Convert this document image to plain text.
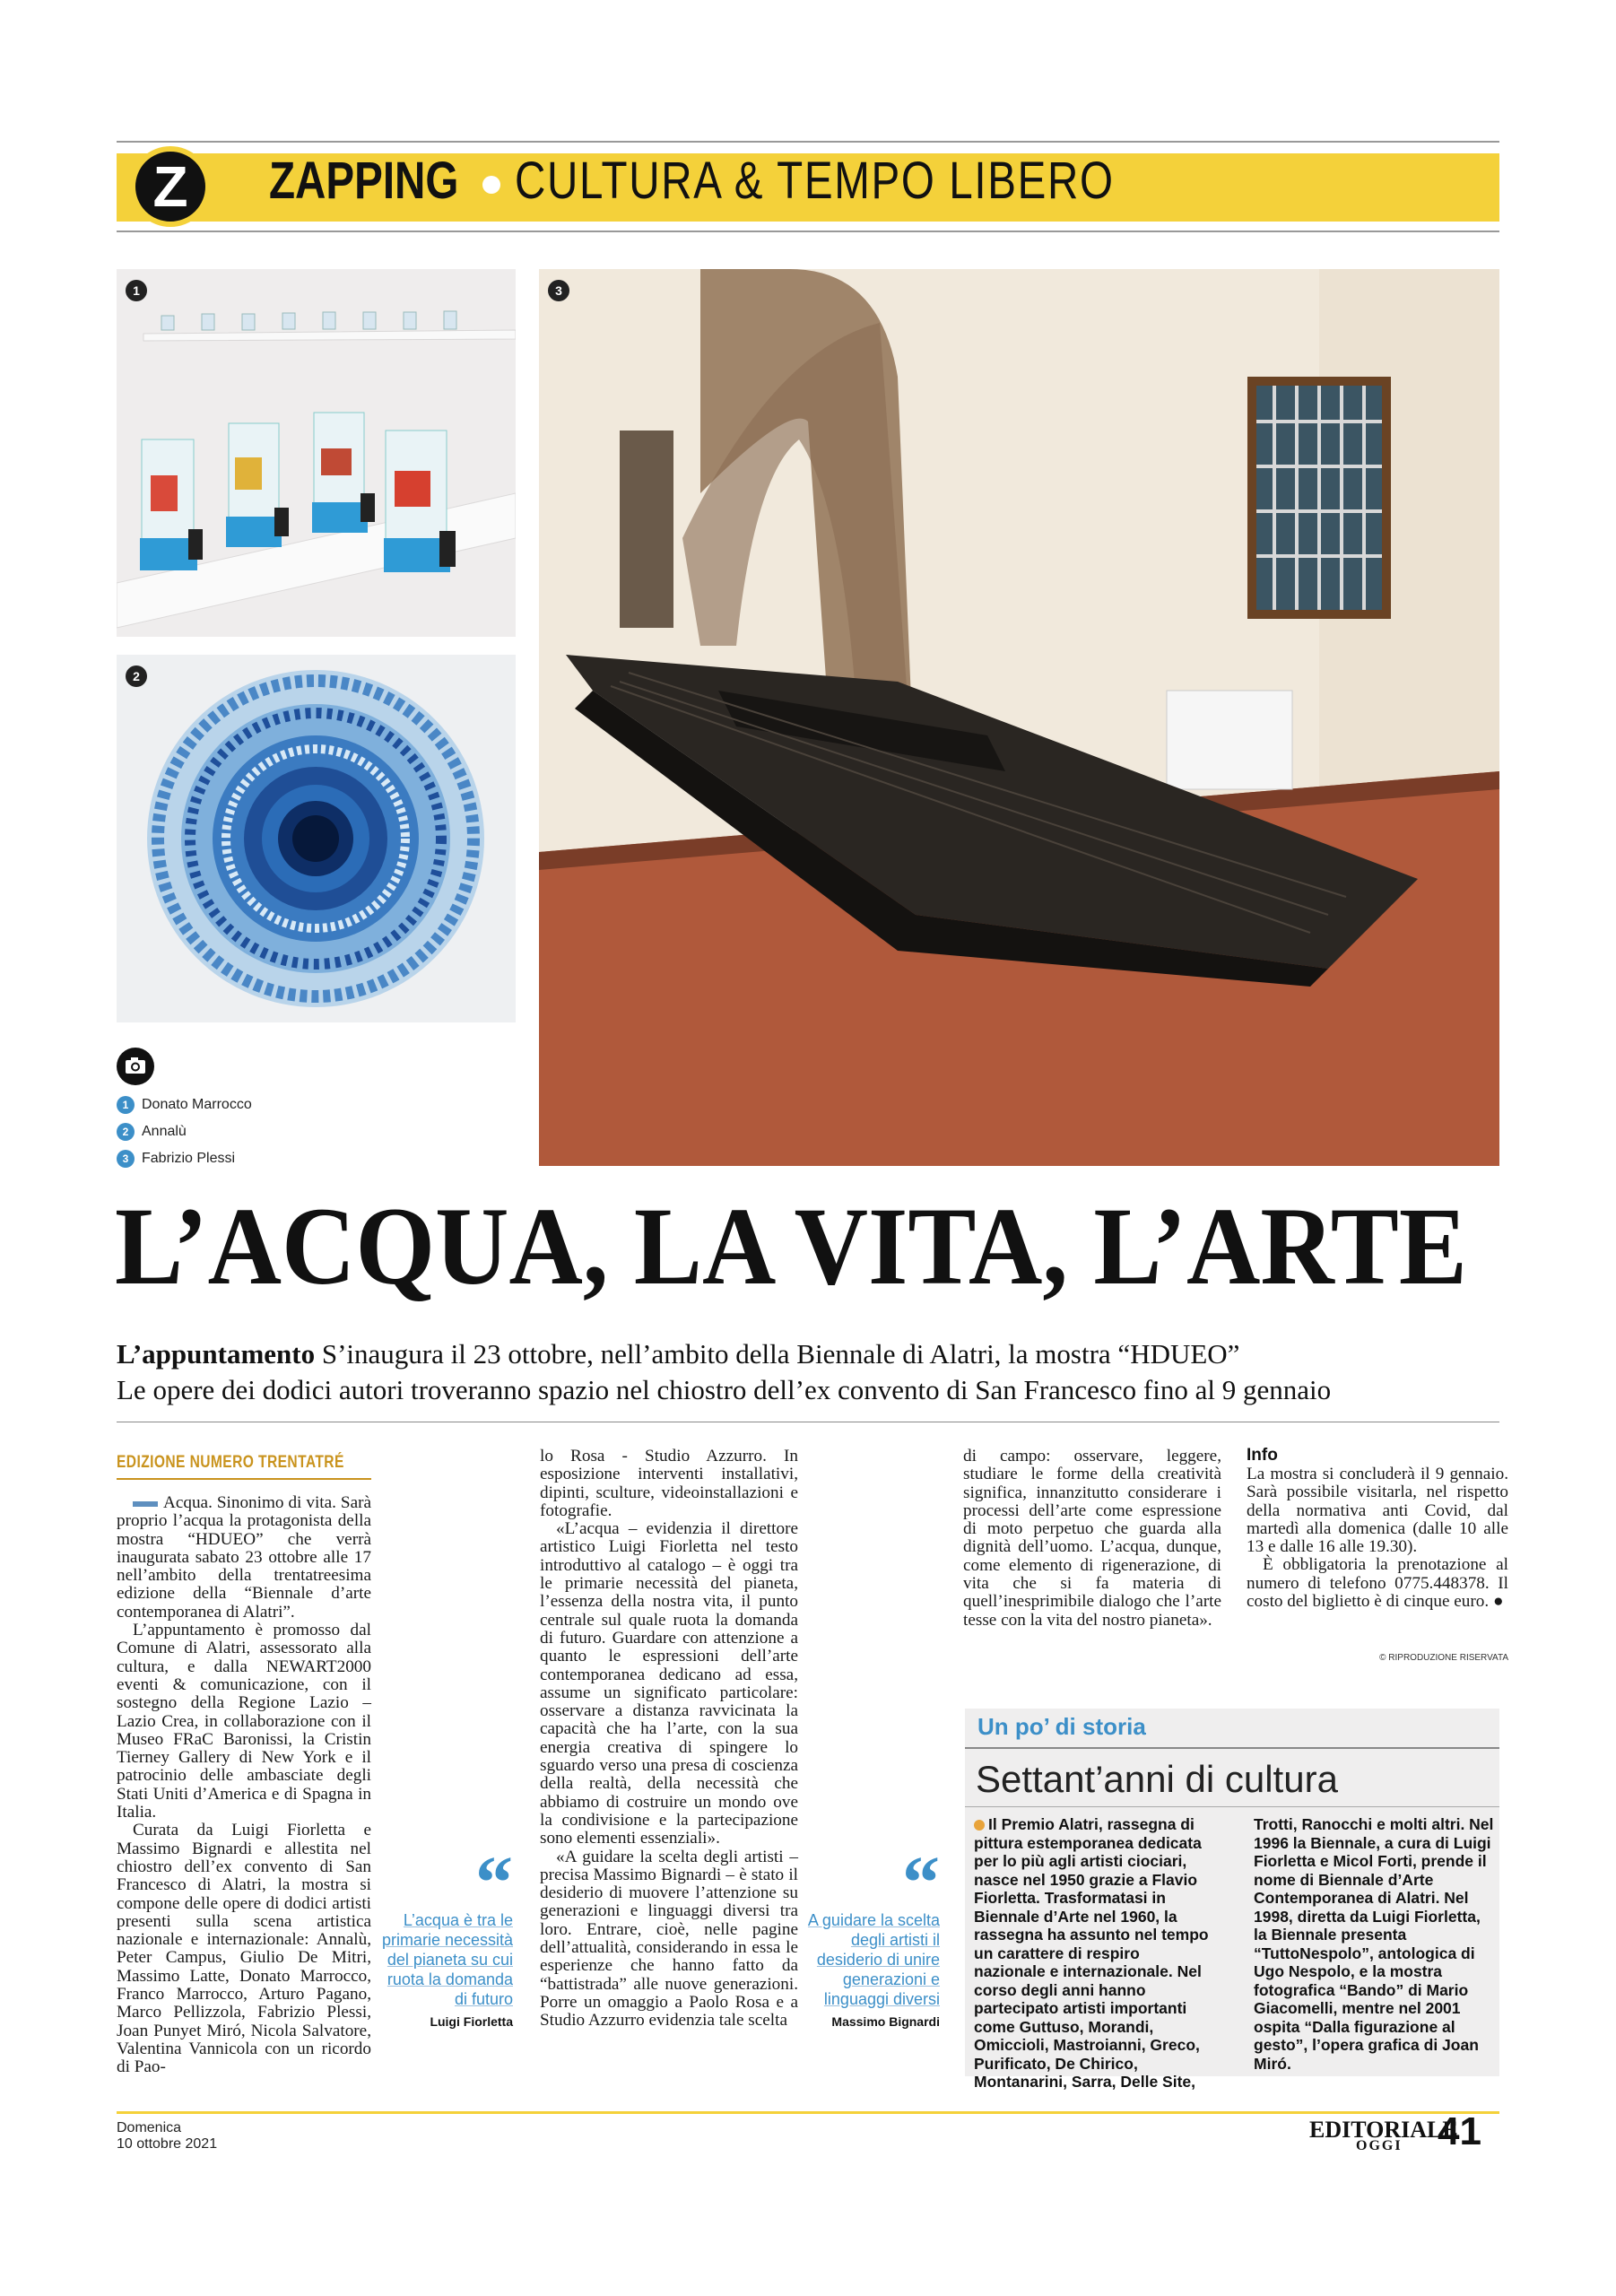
Z	ZAPPING CULTURA & TEMPO LIBERO
1
2
3
1 Donato Marrocco
2 Annalù
3 Fabrizio Plessi
L’ACQUA, LA VITA, L’ARTE
L’appuntamento S’inaugura il 23 ottobre, nell’ambito della Biennale di Alatri, la mostra “HDUEO”
Le opere dei dodici autori troveranno spazio nel chiostro dell’ex convento di San Francesco fino al 9 gennaio
EDIZIONE NUMERO TRENTATRÉ

Acqua. Sinonimo di vita. Sarà proprio l’acqua la protagonista della mostra “HDUEO” che verrà inaugurata sabato 23 ottobre alle 17 nell’ambito della trentatreesima edizione della “Biennale d’arte contemporanea di Alatri”.

L’appuntamento è promosso dal Comune di Alatri, assessorato alla cultura, e dalla NEWART2000 eventi & comunicazione, con il sostegno della Regione Lazio – Lazio Crea, in collaborazione con il Museo FRaC Baronissi, la Cristin Tierney Gallery di New York e il patrocinio delle ambasciate degli Stati Uniti d’America e di Spagna in Italia.

Curata da Luigi Fiorletta e Massimo Bignardi e allestita nel chiostro dell’ex convento di San Francesco di Alatri, la mostra si compone delle opere di dodici artisti presenti sulla scena artistica nazionale e internazionale: Annalù, Peter Campus, Giulio De Mitri, Massimo Latte, Donato Marrocco, Franco Marrocco, Arturo Pagano, Marco Pellizzola, Fabrizio Plessi, Joan Punyet Miró, Nicola Salvatore, Valentina Vannicola con un ricordo di Pao-

“
L’acqua è tra le primarie necessità del pianeta su cui ruota la domanda di futuro
Luigi Fiorletta

lo Rosa - Studio Azzurro. In esposizione interventi installativi, dipinti, sculture, videoinstallazioni e fotografie.

«L’acqua – evidenzia il direttore artistico Luigi Fiorletta nel testo introduttivo al catalogo – è oggi tra le primarie necessità del pianeta, l’essenza della nostra vita, il punto centrale sul quale ruota la domanda di futuro. Guardare con attenzione a quanto le espressioni dell’arte contemporanea dedicano ad essa, assume un significato particolare: osservare a distanza ravvicinata la capacità che ha l’arte, con la sua energia creativa di spingere lo sguardo verso una presa di coscienza della realtà, della necessità che abbiamo di costruire un mondo ove la condivisione e la partecipazione sono elementi essenziali».

«A guidare la scelta degli artisti – precisa Massimo Bignardi – è stato il desiderio di muovere l’attenzione su generazioni e linguaggi diversi tra loro. Entrare, cioè, nelle pagine dell’attualità, considerando in essa le esperienze che hanno fatto da “battistrada” alle nuove generazioni. Porre un omaggio a Paolo Rosa e a Studio Azzurro evidenzia tale scelta

“
A guidare la scelta degli artisti il desiderio di unire generazioni e linguaggi diversi
Massimo Bignardi

di campo: osservare, leggere, studiare le forme della creatività significa, innanzitutto considerare i processi dell’arte come espressione di moto perpetuo che guarda alla dignità dell’uomo. L’acqua, dunque, come elemento di rigenerazione, di vita che si fa materia di quell’inesprimibile dialogo che l’arte tesse con la vita del nostro pianeta».

Info

La mostra si concluderà il 9 gennaio. Sarà possibile visitarla, nel rispetto della normativa anti Covid, dal martedì alla domenica (dalle 10 alle 13 e dalle 16 alle 19.30).

È obbligatoria la prenotazione al numero di telefono 0775.448378. Il costo del biglietto è di cinque euro. ●

© RIPRODUZIONE RISERVATA
Un po’ di storia
Settant’anni di cultura
Il Premio Alatri, rassegna di pittura estemporanea dedicata per lo più agli artisti ciociari, nasce nel 1950 grazie a Flavio Fiorletta. Trasformatasi in Biennale d’Arte nel 1960, la rassegna ha assunto nel tempo un carattere di respiro nazionale e internazionale. Nel corso degli anni hanno partecipato artisti importanti come Guttuso, Morandi, Omiccioli, Mastroianni, Greco, Purificato, De Chirico, Montanarini, Sarra, Delle Site,
Trotti, Ranocchi e molti altri. Nel 1996 la Biennale, a cura di Luigi Fiorletta e Micol Forti, prende il nome di Biennale d’Arte Contemporanea di Alatri. Nel 1998, diretta da Luigi Fiorletta, la Biennale presenta “TuttoNespolo”, antologica di Ugo Nespolo, e la mostra fotografica “Bando” di Mario Giacomelli, mentre nel 2001 ospita “Dalla figurazione al gesto”, l’opera grafica di Joan Miró.
Domenica
10 ottobre 2021
EDITORIALE
OGGI 41
